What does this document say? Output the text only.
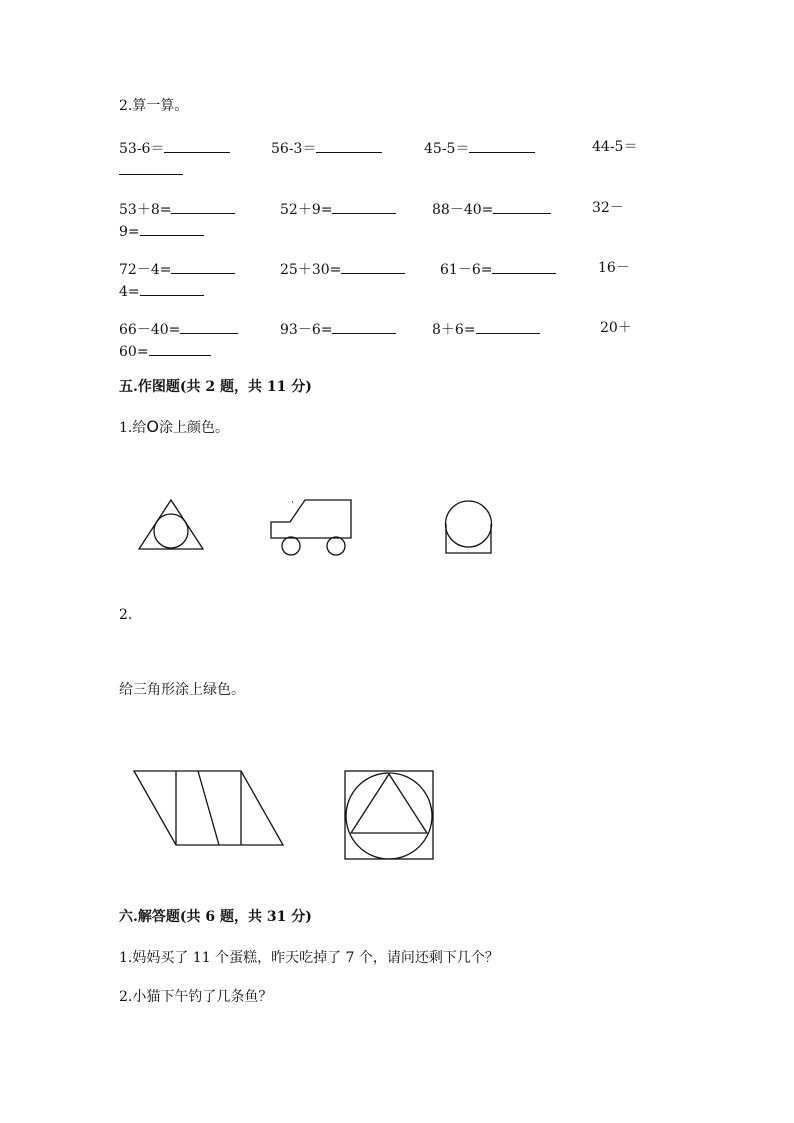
2.算一算。
53-6＝	56-3＝	45-5＝	44-5＝
53＋8=	52＋9=	88－40=	32－
9=
72－4=	25＋30=	61－6=	16－
4=
66－40=	93－6=	8＋6=	20＋
60=
五.作图题(共 2 题，共 11 分)
1.给O涂上颜色。
2.
给三角形涂上绿色。
六.解答题(共 6 题，共 31 分)
1.妈妈买了 11 个蛋糕，昨天吃掉了 7 个，请问还剩下几个？
2.小猫下午钓了几条鱼？
